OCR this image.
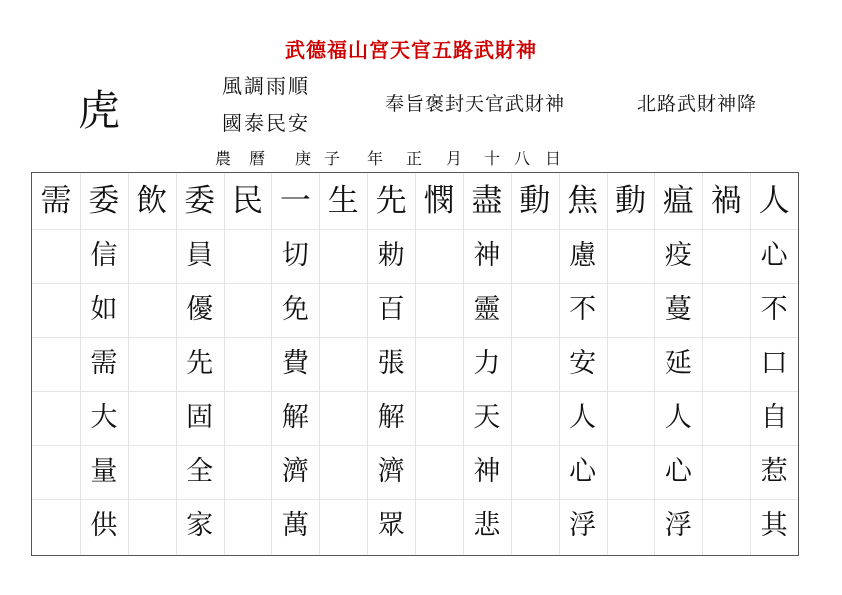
武德福山宮天官五路武財神
虎	風調雨順
國泰民安
奉旨褒封天官武財神	北路武財神降
農 曆 庚 子 年 正 月 十 八 日
需 委
信
如
需
大
量
供
飲 委
員
優
先
固
全
家
民 一
切
免
費
解
濟
萬
生 先
勅
百
張
解
濟
眾
憫 盡
神
靈
力
天
神
悲
動 焦
慮
不
安
人
心
浮
動 瘟
疫
蔓
延
人
心
浮
禍 人
心
不
口
自
惹
其
